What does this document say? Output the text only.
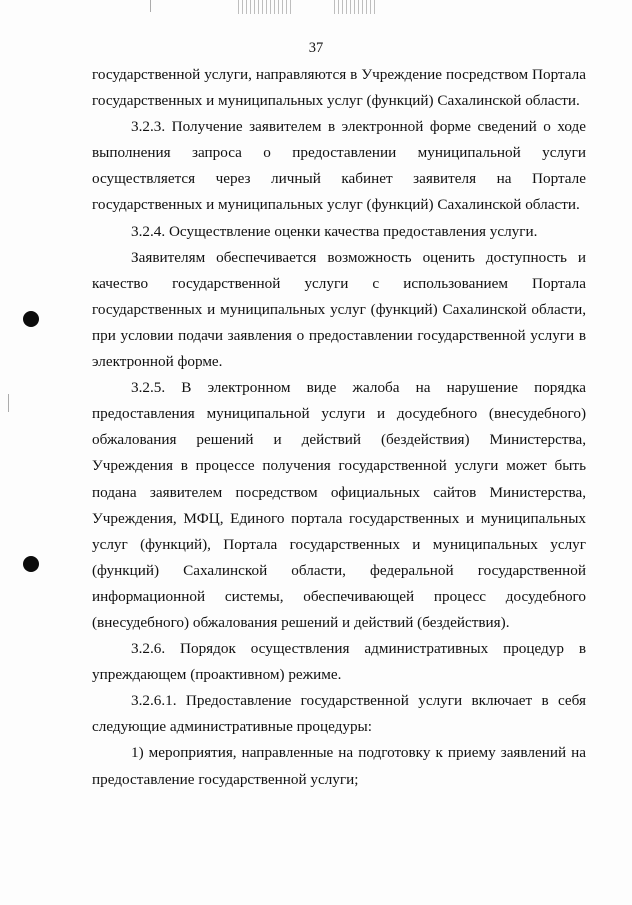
37

государственной услуги, направляются в Учреждение посредством Портала государственных и муниципальных услуг (функций) Сахалинской области.

3.2.3. Получение заявителем в электронной форме сведений о ходе выполнения запроса о предоставлении муниципальной услуги осуществляется через личный кабинет заявителя на Портале государственных и муниципальных услуг (функций) Сахалинской области.

3.2.4. Осуществление оценки качества предоставления услуги.

Заявителям обеспечивается возможность оценить доступность и качество государственной услуги с использованием Портала государственных и муниципальных услуг (функций) Сахалинской области, при условии подачи заявления о предоставлении государственной услуги в электронной форме.

3.2.5. В электронном виде жалоба на нарушение порядка предоставления муниципальной услуги и досудебного (внесудебного) обжалования решений и действий (бездействия) Министерства, Учреждения в процессе получения государственной услуги может быть подана заявителем посредством официальных сайтов Министерства, Учреждения, МФЦ, Единого портала государственных и муниципальных услуг (функций), Портала государственных и муниципальных услуг (функций) Сахалинской области, федеральной государственной информационной системы, обеспечивающей процесс досудебного (внесудебного) обжалования решений и действий (бездействия).

3.2.6. Порядок осуществления административных процедур в упреждающем (проактивном) режиме.

3.2.6.1. Предоставление государственной услуги включает в себя следующие административные процедуры:

1) мероприятия, направленные на подготовку к приему заявлений на предоставление государственной услуги;
